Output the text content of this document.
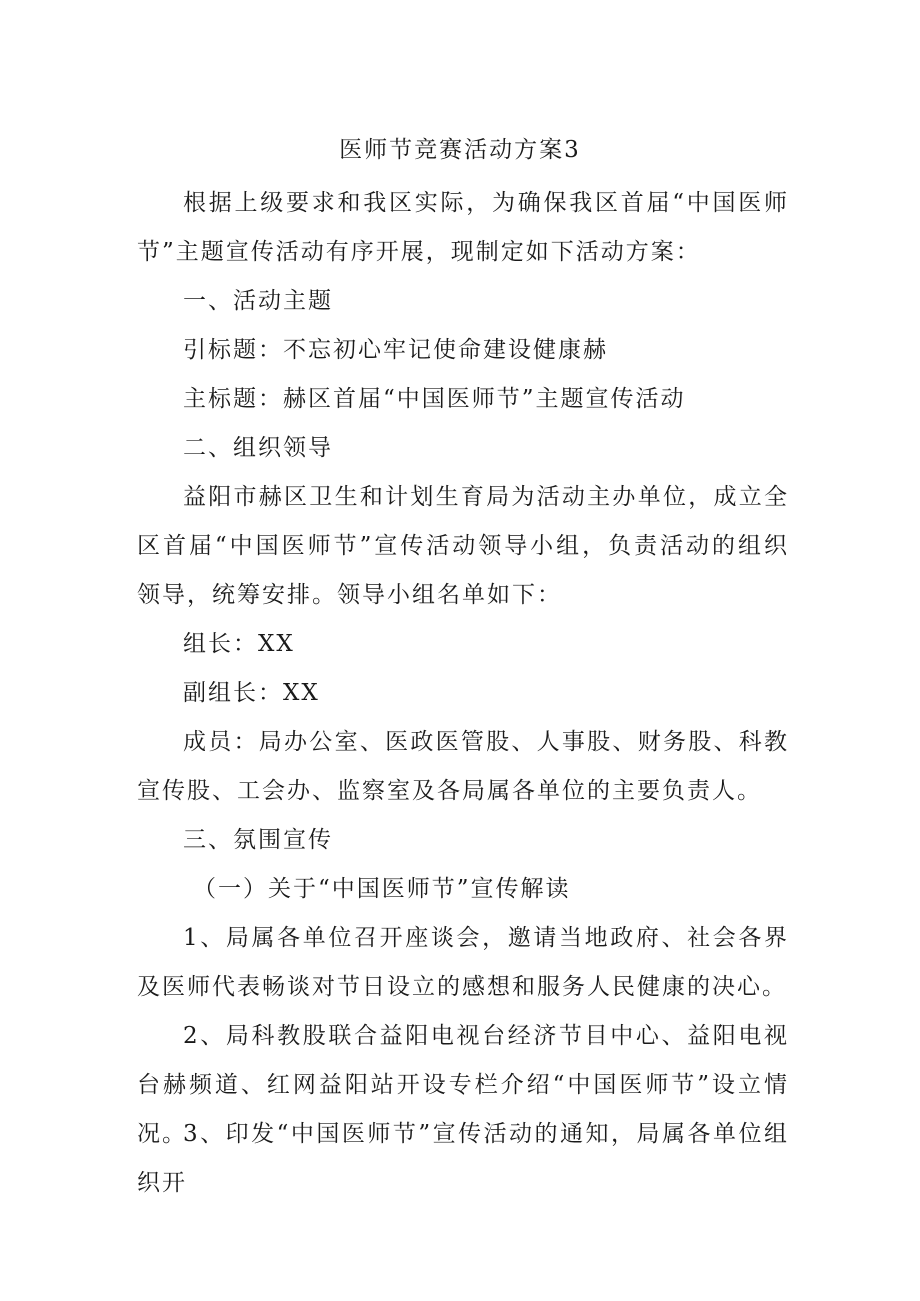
医师节竞赛活动方案3

根据上级要求和我区实际，为确保我区首届“中国医师节”主题宣传活动有序开展，现制定如下活动方案：

一、活动主题

引标题：不忘初心牢记使命建设健康赫

主标题：赫区首届“中国医师节”主题宣传活动

二、组织领导

益阳市赫区卫生和计划生育局为活动主办单位，成立全区首届“中国医师节”宣传活动领导小组，负责活动的组织领导，统筹安排。领导小组名单如下：

组长：XX

副组长：XX

成员：局办公室、医政医管股、人事股、财务股、科教宣传股、工会办、监察室及各局属各单位的主要负责人。

三、氛围宣传

（一）关于“中国医师节”宣传解读

1、局属各单位召开座谈会，邀请当地政府、社会各界及医师代表畅谈对节日设立的感想和服务人民健康的决心。

2、局科教股联合益阳电视台经济节目中心、益阳电视台赫频道、红网益阳站开设专栏介绍“中国医师节”设立情况。

3、印发“中国医师节”宣传活动的通知，局属各单位组织开
